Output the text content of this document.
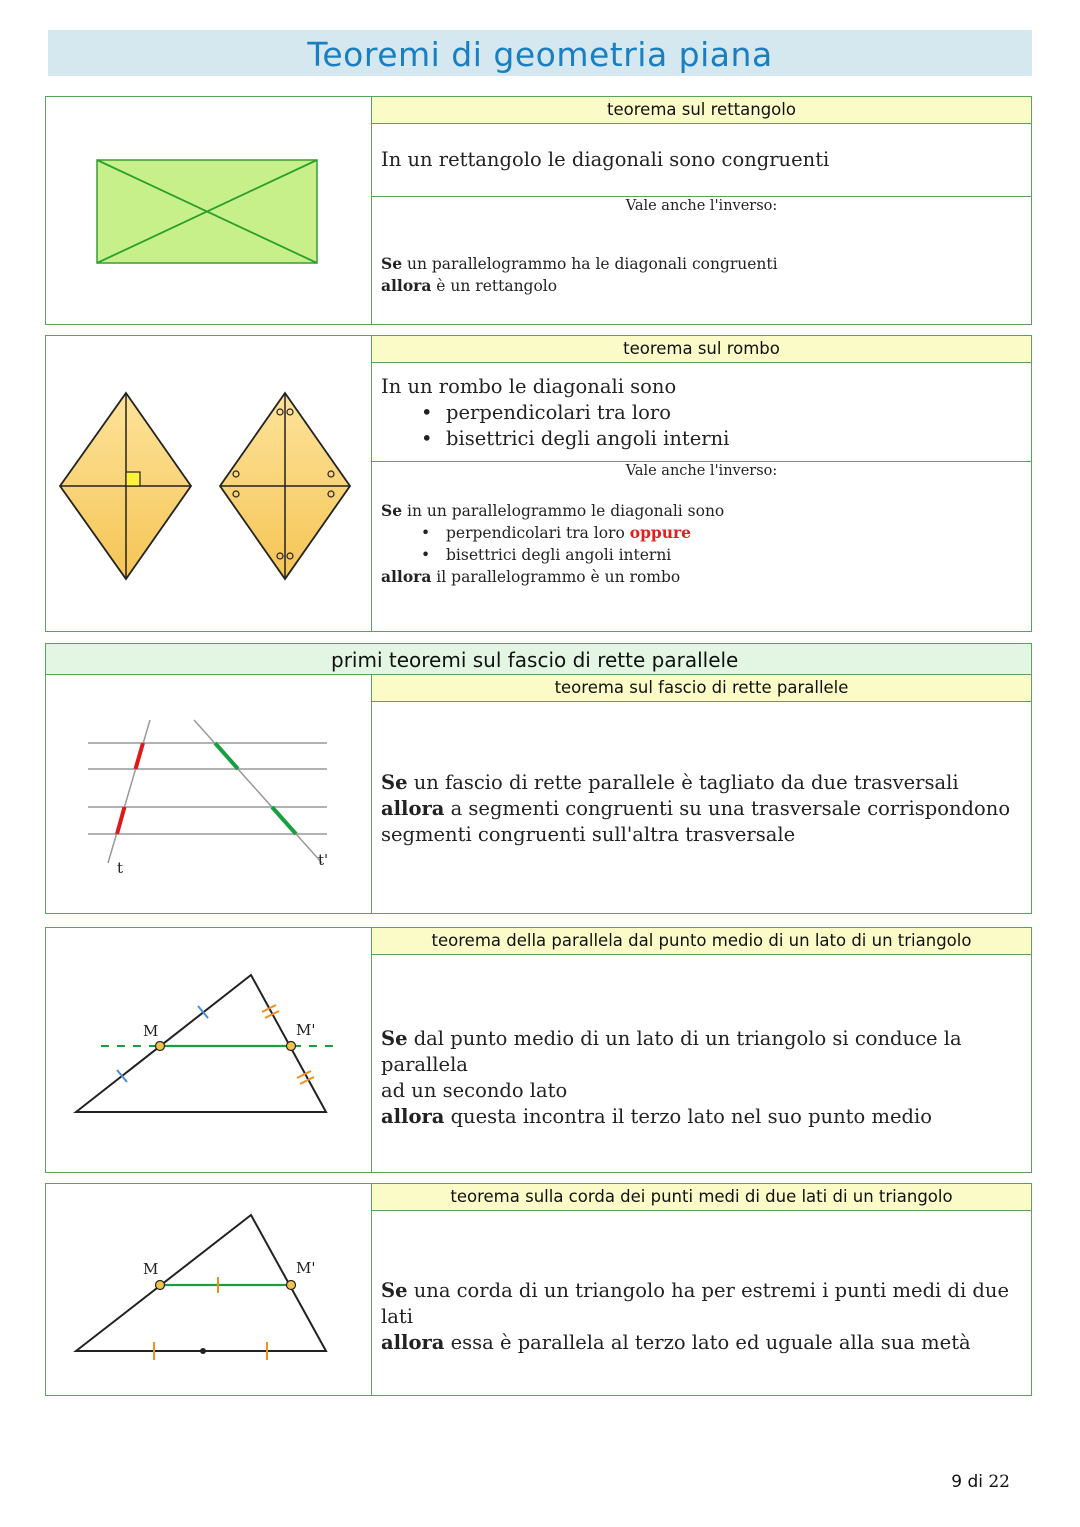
Teoremi di geometria piana
teorema sul rettangolo
In un rettangolo le diagonali sono congruenti
Vale anche l'inverso:
Se un parallelogrammo ha le diagonali congruenti
allora è un rettangolo
teorema sul rombo
In un rombo le diagonali sono
• perpendicolari tra loro
• bisettrici degli angoli interni
Vale anche l'inverso:
Se in un parallelogrammo le diagonali sono
• perpendicolari tra loro oppure
• bisettrici degli angoli interni
allora il parallelogrammo è un rombo
primi teoremi sul fascio di rette parallele
t	t'
teorema sul fascio di rette parallele
Se un fascio di rette parallele è tagliato da due trasversali
allora a segmenti congruenti su una trasversale corrispondono
segmenti congruenti sull'altra trasversale
M	M'
teorema della parallela dal punto medio di un lato di un triangolo
Se dal punto medio di un lato di un triangolo si conduce la parallela
ad un secondo lato
allora questa incontra il terzo lato nel suo punto medio
M	M'
teorema sulla corda dei punti medi di due lati di un triangolo
Se una corda di un triangolo ha per estremi i punti medi di due lati
allora essa è parallela al terzo lato ed uguale alla sua metà
9 di 22
